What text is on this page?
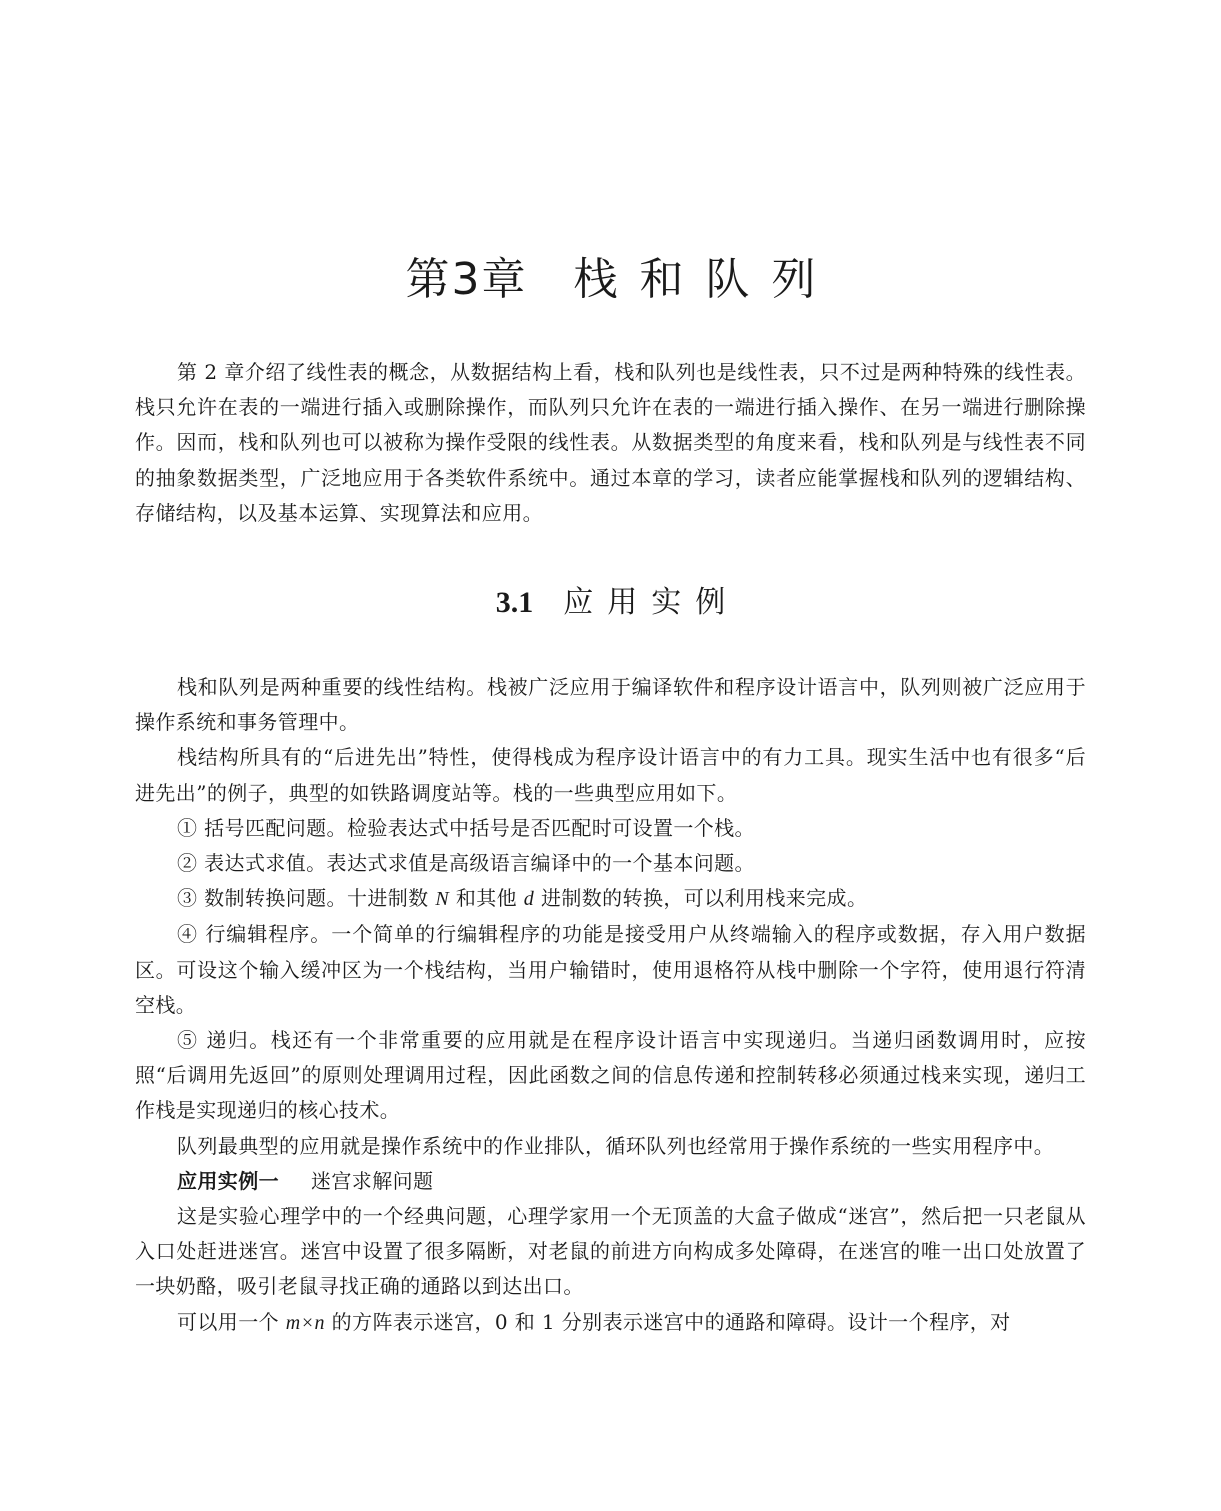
第3章 栈和队列

第 2 章介绍了线性表的概念，从数据结构上看，栈和队列也是线性表，只不过是两种特殊的线性表。栈只允许在表的一端进行插入或删除操作，而队列只允许在表的一端进行插入操作、在另一端进行删除操作。因而，栈和队列也可以被称为操作受限的线性表。从数据类型的角度来看，栈和队列是与线性表不同的抽象数据类型，广泛地应用于各类软件系统中。通过本章的学习，读者应能掌握栈和队列的逻辑结构、存储结构，以及基本运算、实现算法和应用。

3.1 应用实例

栈和队列是两种重要的线性结构。栈被广泛应用于编译软件和程序设计语言中，队列则被广泛应用于操作系统和事务管理中。

栈结构所具有的“后进先出”特性，使得栈成为程序设计语言中的有力工具。现实生活中也有很多“后进先出”的例子，典型的如铁路调度站等。栈的一些典型应用如下。

① 括号匹配问题。检验表达式中括号是否匹配时可设置一个栈。

② 表达式求值。表达式求值是高级语言编译中的一个基本问题。

③ 数制转换问题。十进制数 N 和其他 d 进制数的转换，可以利用栈来完成。

④ 行编辑程序。一个简单的行编辑程序的功能是接受用户从终端输入的程序或数据，存入用户数据区。可设这个输入缓冲区为一个栈结构，当用户输错时，使用退格符从栈中删除一个字符，使用退行符清空栈。

⑤ 递归。栈还有一个非常重要的应用就是在程序设计语言中实现递归。当递归函数调用时，应按照“后调用先返回”的原则处理调用过程，因此函数之间的信息传递和控制转移必须通过栈来实现，递归工作栈是实现递归的核心技术。

队列最典型的应用就是操作系统中的作业排队，循环队列也经常用于操作系统的一些实用程序中。

应用实例一 迷宫求解问题

这是实验心理学中的一个经典问题，心理学家用一个无顶盖的大盒子做成“迷宫”，然后把一只老鼠从入口处赶进迷宫。迷宫中设置了很多隔断，对老鼠的前进方向构成多处障碍，在迷宫的唯一出口处放置了一块奶酪，吸引老鼠寻找正确的通路以到达出口。

可以用一个 m×n 的方阵表示迷宫，0 和 1 分别表示迷宫中的通路和障碍。设计一个程序，对
